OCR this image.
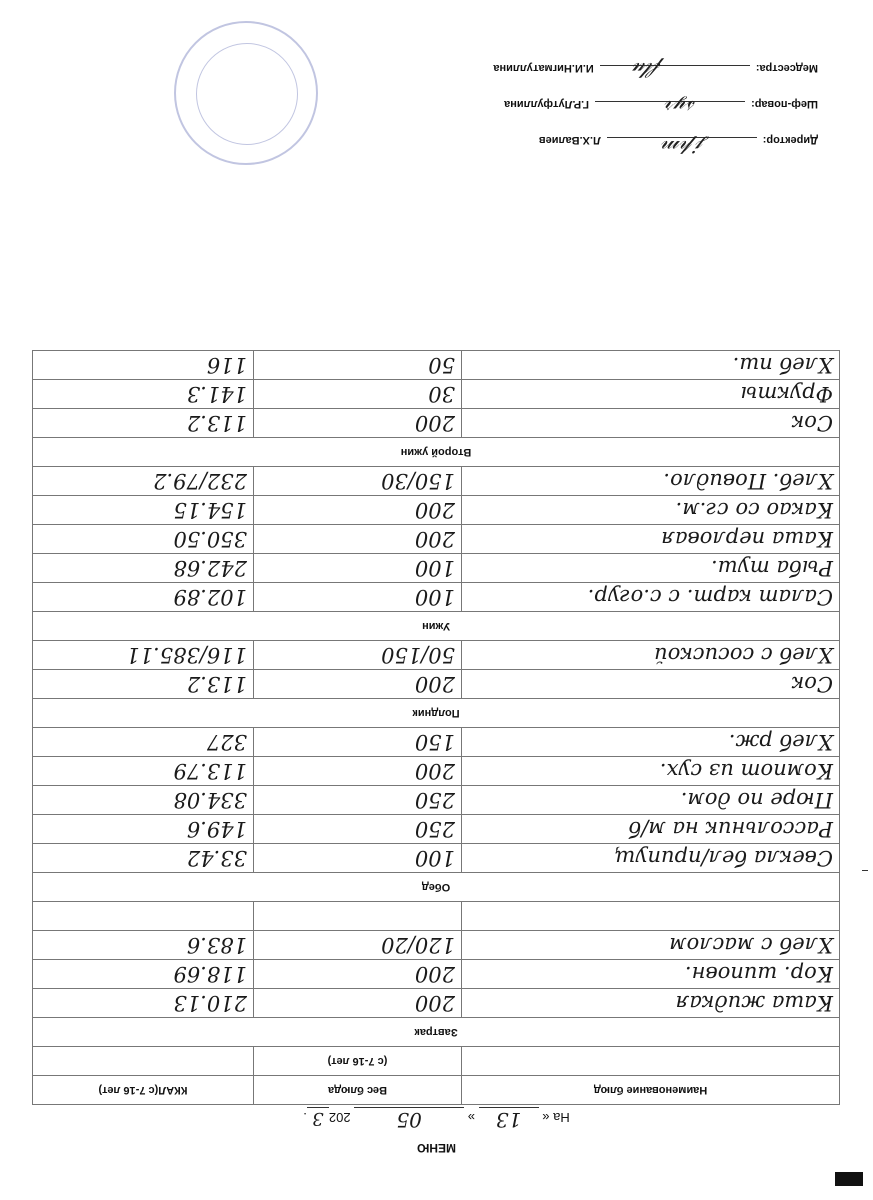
МЕНЮ
На « 13 » 05 2023.
Наименование блюд	Вес блюда	ККАЛ(с 7-16 лет)
	(с 7-16 лет)	
Завтрак		
Каша жидкая	200	210.13
Кор. шиповн.	200	118.69
Хлеб с маслом	120/20	183.6

Обед		
Свекла бел/припущ	100	33.42
Рассольник на м/б	250	149.6
Пюре по дом.	250	334.08
Компот из сух.	200	113.79
Хлеб рж.	150	327
Полдник		
Сок	200	113.2
Хлеб с сосиской	50/150	116/385.11
Ужин		
Салат карт. с с.огур.	100	102.89
Рыба туш.	100	242.68
Каша перловая	200	350.50
Какао со сг.м.	200	154.15
Хлеб. Повидло.	150/30	232/79.2
Второй ужин		
Сок	200	113.2
Фрукты	30	141.3
Хлеб пш.	50	116
Директор:Л.Х.Валиев
Шеф-повар:Г.Р.Лутфуллина
Медсестра:И.И.Нигматуллина
𝒿𝓅𝓂
𝓈𝓎𝓇
𝒻𝓁𝓊
